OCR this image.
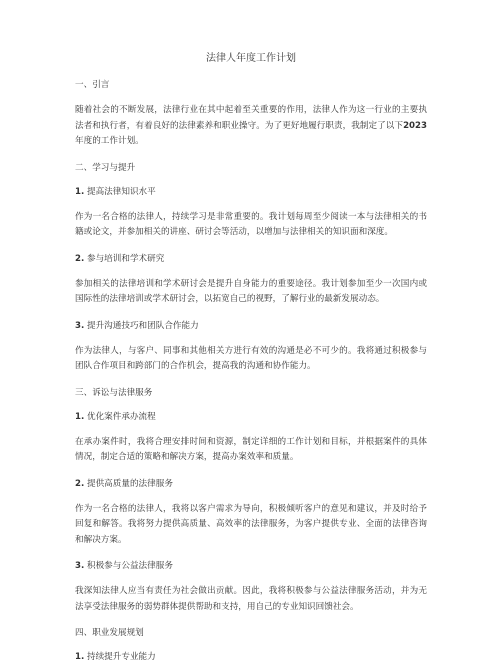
法律人年度工作计划
一、引言
随着社会的不断发展，法律行业在其中起着至关重要的作用，法律人作为这一行业的主要执法者和执行者，有着良好的法律素养和职业操守。为了更好地履行职责，我制定了以下2023 年度的工作计划。
二、学习与提升
1. 提高法律知识水平
作为一名合格的法律人，持续学习是非常重要的。我计划每周至少阅读一本与法律相关的书籍或论文，并参加相关的讲座、研讨会等活动，以增加与法律相关的知识面和深度。
2. 参与培训和学术研究
参加相关的法律培训和学术研讨会是提升自身能力的重要途径。我计划参加至少一次国内或国际性的法律培训或学术研讨会，以拓宽自己的视野，了解行业的最新发展动态。
3. 提升沟通技巧和团队合作能力
作为法律人，与客户、同事和其他相关方进行有效的沟通是必不可少的。我将通过积极参与团队合作项目和跨部门的合作机会，提高我的沟通和协作能力。
三、诉讼与法律服务
1. 优化案件承办流程
在承办案件时，我将合理安排时间和资源，制定详细的工作计划和目标，并根据案件的具体情况，制定合适的策略和解决方案，提高办案效率和质量。
2. 提供高质量的法律服务
作为一名合格的法律人，我将以客户需求为导向，积极倾听客户的意见和建议，并及时给予回复和解答。我将努力提供高质量、高效率的法律服务，为客户提供专业、全面的法律咨询和解决方案。
3. 积极参与公益法律服务
我深知法律人应当有责任为社会做出贡献。因此，我将积极参与公益法律服务活动，并为无法享受法律服务的弱势群体提供帮助和支持，用自己的专业知识回馈社会。
四、职业发展规划
1. 持续提升专业能力
